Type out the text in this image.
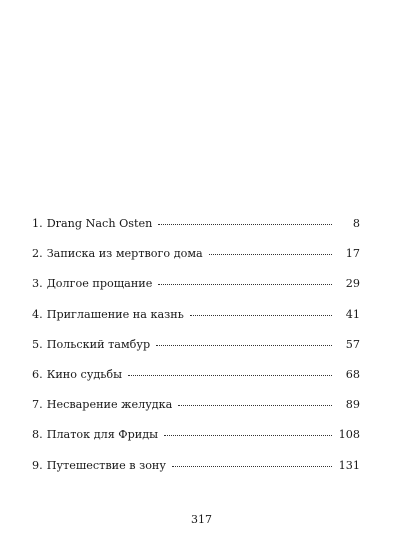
1. Drang Nach Osten	8
2. Записка из мертвого дома	17
3. Долгое прощание	29
4. Приглашение на казнь	41
5. Польский тамбур	57
6. Кино судьбы	68
7. Несварение желудка	89
8. Платок для Фриды	108
9. Путешествие в зону	131
317
